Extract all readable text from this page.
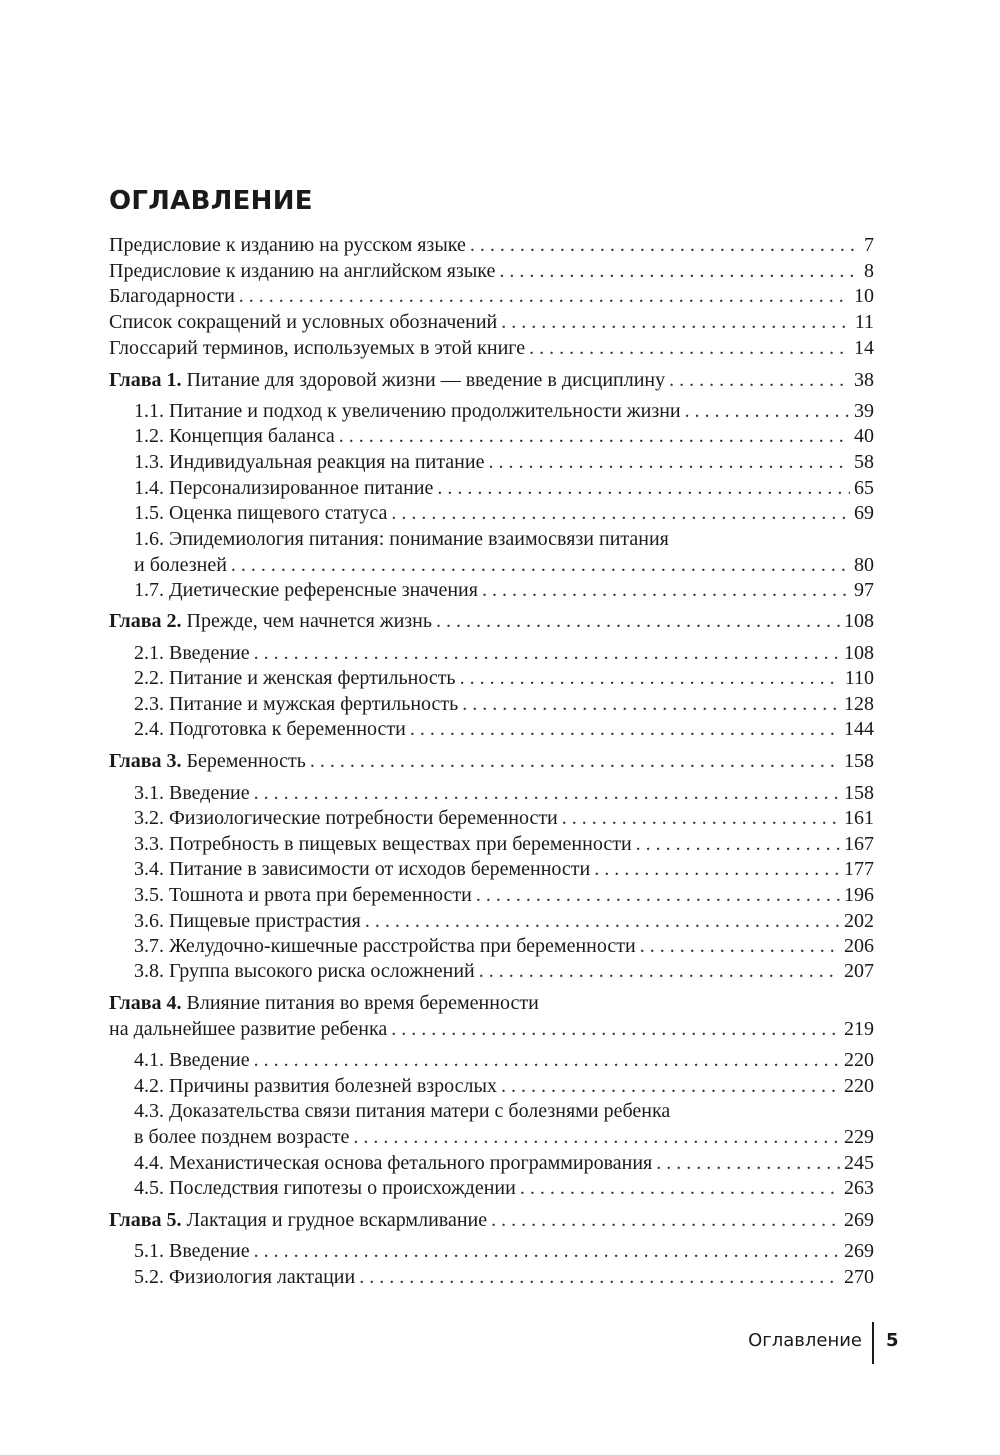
ОГЛАВЛЕНИЕ
Предисловие к изданию на русском языке . . .	7
Предисловие к изданию на английском языке . . .	8
Благодарности . . .	10
Список сокращений и условных обозначений . . .	11
Глоссарий терминов, используемых в этой книге . . .	14
Глава 1. Питание для здоровой жизни — введение в дисциплину . . .	38
1.1. Питание и подход к увеличению продолжительности жизни . . .	39
1.2. Концепция баланса . . .	40
1.3. Индивидуальная реакция на питание . . .	58
1.4. Персонализированное питание . . .	65
1.5. Оценка пищевого статуса . . .	69
1.6. Эпидемиология питания: понимание взаимосвязи питания
и болезней . . .	80
1.7. Диетические референсные значения . . .	97
Глава 2. Прежде, чем начнется жизнь . . .	108
2.1. Введение . . .	108
2.2. Питание и женская фертильность . . .	110
2.3. Питание и мужская фертильность . . .	128
2.4. Подготовка к беременности . . .	144
Глава 3. Беременность . . .	158
3.1. Введение . . .	158
3.2. Физиологические потребности беременности . . .	161
3.3. Потребность в пищевых веществах при беременности . . .	167
3.4. Питание в зависимости от исходов беременности . . .	177
3.5. Тошнота и рвота при беременности . . .	196
3.6. Пищевые пристрастия . . .	202
3.7. Желудочно-кишечные расстройства при беременности . . .	206
3.8. Группа высокого риска осложнений . . .	207
Глава 4. Влияние питания во время беременности
на дальнейшее развитие ребенка . . .	219
4.1. Введение . . .	220
4.2. Причины развития болезней взрослых . . .	220
4.3. Доказательства связи питания матери с болезнями ребенка
в более позднем возрасте . . .	229
4.4. Механистическая основа фетального программирования . . .	245
4.5. Последствия гипотезы о происхождении . . .	263
Глава 5. Лактация и грудное вскармливание . . .	269
5.1. Введение . . .	269
5.2. Физиология лактации . . .	270
Оглавление 5
